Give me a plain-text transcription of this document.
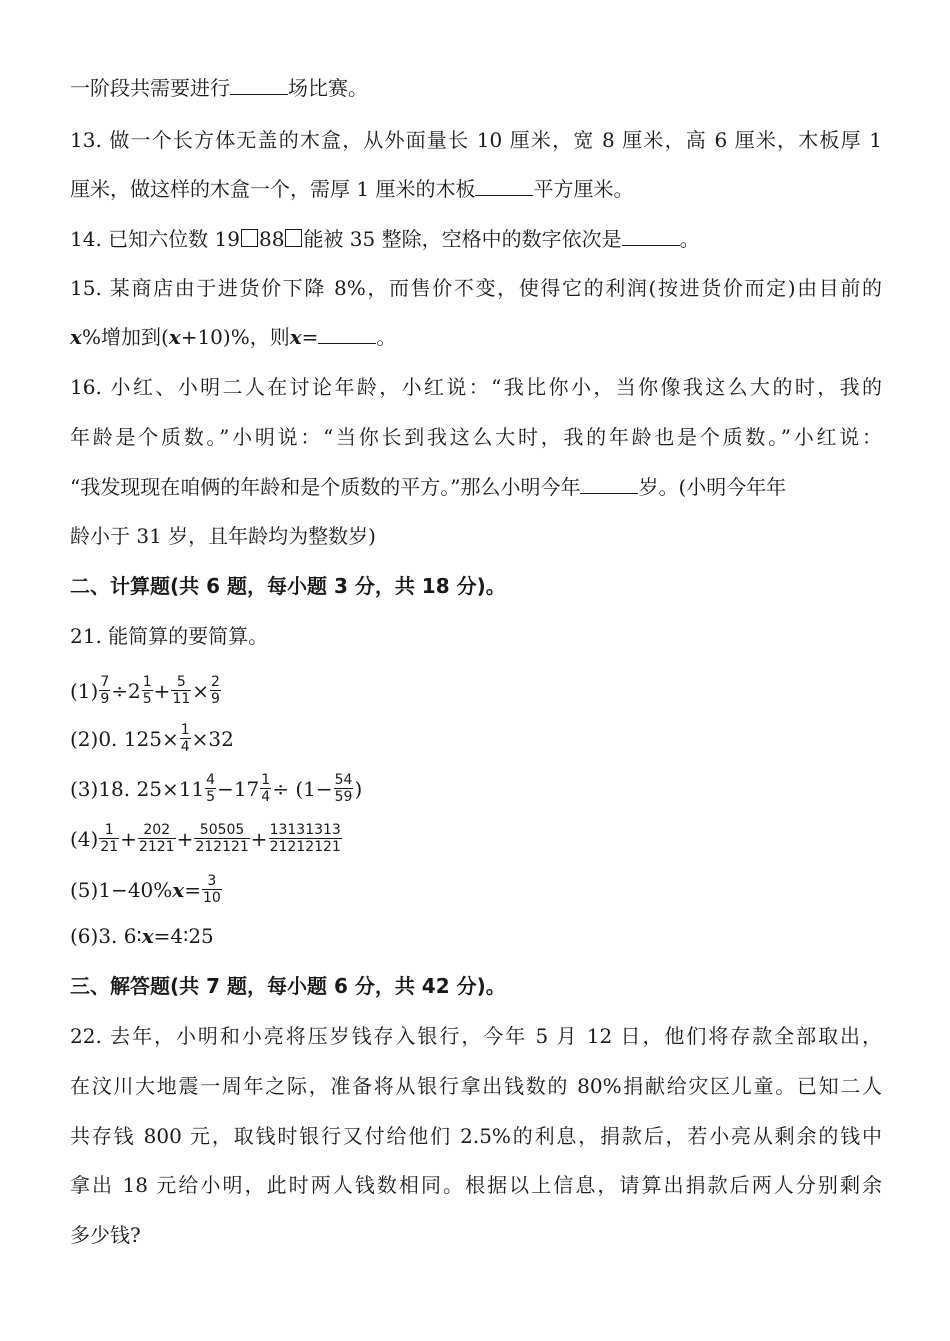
一阶段共需要进行	场比赛。
13. 做一个长方体无盖的木盒，从外面量长 10 厘米，宽 8 厘米，高 6 厘米，木板厚 1
厘米，做这样的木盒一个，需厚 1 厘米的木板	平方厘米。
14. 已知六位数 19 88 能被 35 整除，空格中的数字依次是	。
15. 某商店由于进货价下降 8%，而售价不变，使得它的利润(按进货价而定)由目前的
x%增加到(x+10)%，则x=	。
16. 小红、小明二人在讨论年龄，小红说：“我比你小，当你像我这么大的时，我的
年龄是个质数。”小明说：“当你长到我这么大时，我的年龄也是个质数。”小红说：
“我发现现在咱俩的年龄和是个质数的平方。”那么小明今年	岁。(小明今年年
龄小于 31 岁，且年龄均为整数岁)
二、计算题(共 6 题，每小题 3 分，共 18 分)。
21. 能简算的要简算。
$(1) \frac{7}{9} \div 2 \frac{1}{5} + \frac{5}{11} \times \frac{2}{9}$
(2)0. $125\times \frac{1}{4} \times 32$
(3)18. $25\times 11 \frac{4}{5} -17 \frac{1}{4} \div (1- \frac{54}{59}$ )
$(4) \frac{1}{21} + \frac{202}{2121} + \frac{50505}{212121} + \frac{13131313}{21212121}$
$(5)1-40\%x= \frac{3}{10}$
(6)3. 6∶x=4∶25
三、解答题(共 7 题，每小题 6 分，共 42 分)。
22. 去年，小明和小亮将压岁钱存入银行，今年 5 月 12 日，他们将存款全部取出，
在汶川大地震一周年之际，准备将从银行拿出钱数的 80%捐献给灾区儿童。已知二人
共存钱 800 元，取钱时银行又付给他们 2.5%的利息，捐款后，若小亮从剩余的钱中
拿出 18 元给小明，此时两人钱数相同。根据以上信息，请算出捐款后两人分别剩余
多少钱?
